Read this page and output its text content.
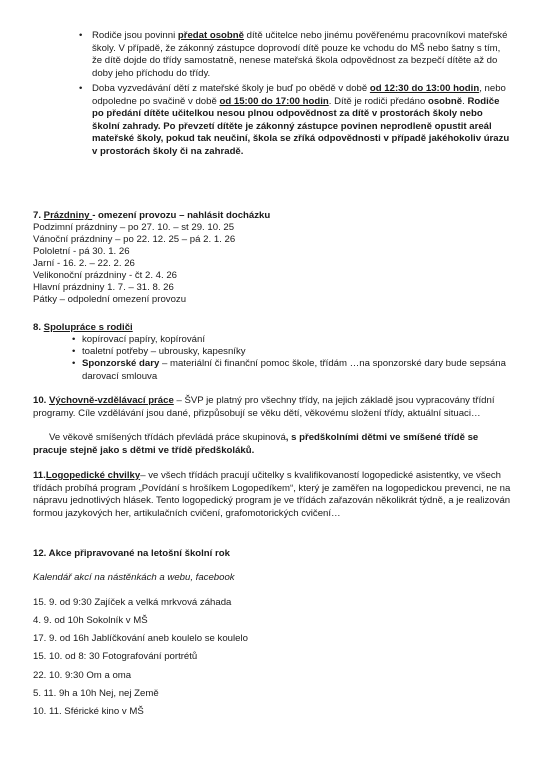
• Rodiče jsou povinni předat osobně dítě učitelce nebo jinému pověřenému pracovníkovi mateřské školy. V případě, že zákonný zástupce doprovodí dítě pouze ke vchodu do MŠ nebo šatny s tím, že dítě dojde do třídy samostatně, nenese mateřská škola odpovědnost za bezpečí dítěte až do doby jeho příchodu do třídy.
• Doba vyzvedávání dětí z mateřské školy je buď po obědě v době od 12:30 do 13:00 hodin, nebo odpoledne po svačině v době od 15:00 do 17:00 hodin. Dítě je rodiči předáno osobně. Rodiče po předání dítěte učitelkou nesou plnou odpovědnost za dítě v prostorách školy nebo školní zahrady. Po převzetí dítěte je zákonný zástupce povinen neprodleně opustit areál mateřské školy, pokud tak neučiní, škola se zříká odpovědnosti v případě jakéhokoliv úrazu v prostorách školy či na zahradě.
7. Prázdniny - omezení provozu – nahlásit docházku
Podzimní prázdniny – po 27. 10. – st 29. 10. 25
Vánoční prázdniny – po 22. 12. 25 – pá 2. 1. 26
Pololetní - pá 30. 1. 26
Jarní - 16. 2. – 22. 2. 26
Velikonoční prázdniny - čt 2. 4. 26
Hlavní prázdniny 1. 7. – 31. 8. 26
Pátky – odpolední omezení provozu
8. Spolupráce s rodiči
• kopírovací papíry, kopírování
• toaletní potřeby – ubrousky, kapesníky
• Sponzorské dary – materiální či finanční pomoc škole, třídám …na sponzorské dary bude sepsána darovací smlouva
10. Výchovně-vzdělávací práce – ŠVP je platný pro všechny třídy, na jejich základě jsou vypracovány třídní programy. Cíle vzdělávání jsou dané, přizpůsobují se věku dětí, věkovému složení třídy, aktuální situaci…
Ve věkově smíšených třídách převládá práce skupinová, s předškolními dětmi ve smíšené třídě se pracuje stejně jako s dětmi ve třídě předškoláků.
11.Logopedické chvilky– ve všech třídách pracují učitelky s kvalifikovaností logopedické asistentky, ve všech třídách probíhá program „Povídání s hrošíkem Logopedíkem“, který je zaměřen na logopedickou prevenci, ne na nápravu jednotlivých hlásek. Tento logopedický program je ve třídách zařazován několikrát týdně, a je realizován formou jazykových her, artikulačních cvičení, grafomotorických cvičení…
12. Akce připravované na letošní školní rok
Kalendář akcí na nástěnkách a webu, facebook
15. 9. od 9:30 Zajíček a velká mrkvová záhada
4. 9. od 10h Sokolník v MŠ
17. 9. od 16h Jablíčkování aneb koulelo se koulelo
15. 10. od 8: 30 Fotografování portrétů
22. 10. 9:30 Om a oma
5. 11. 9h a 10h Nej, nej Země
10. 11. Sférické kino v MŠ
